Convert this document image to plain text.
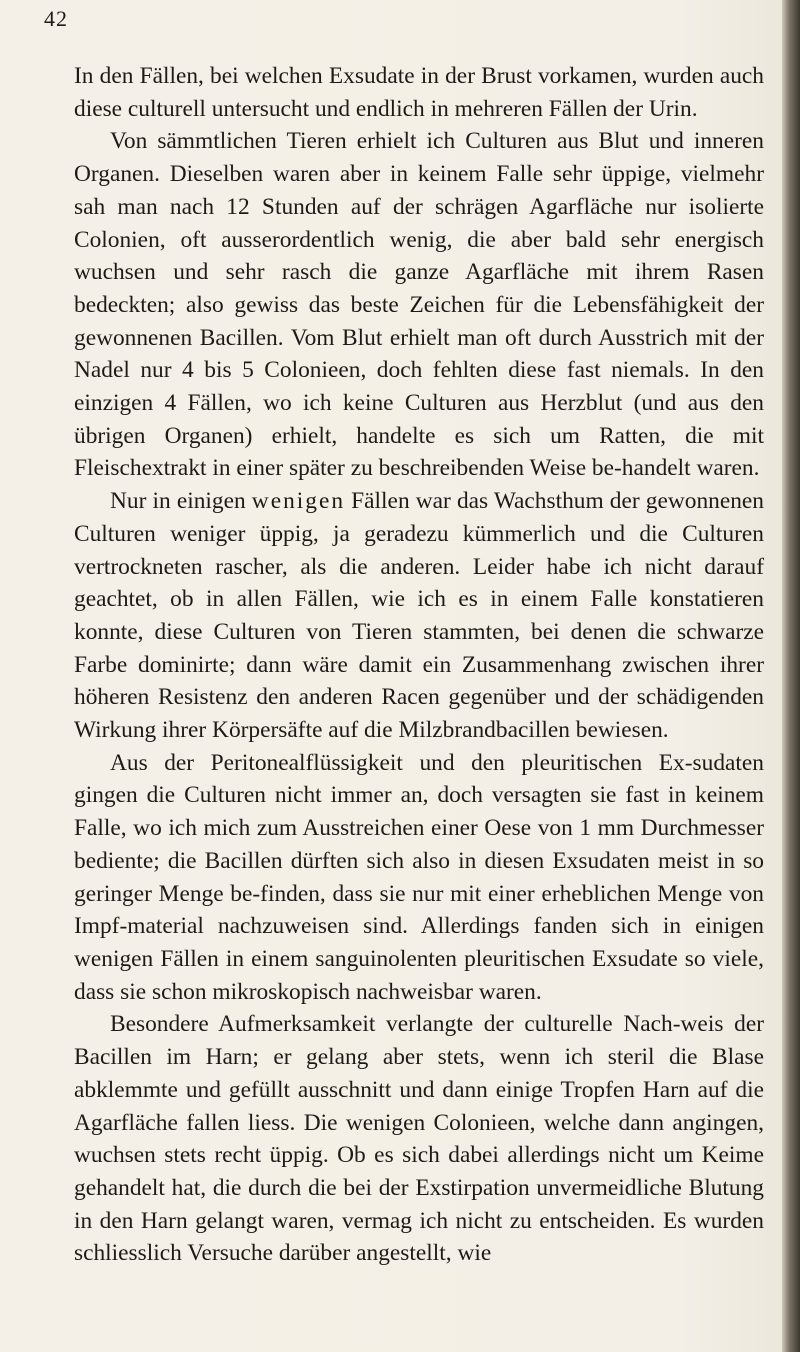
42

In den Fällen, bei welchen Exsudate in der Brust vorkamen, wurden auch diese culturell untersucht und endlich in mehreren Fällen der Urin.

Von sämmtlichen Tieren erhielt ich Culturen aus Blut und inneren Organen. Dieselben waren aber in keinem Falle sehr üppige, vielmehr sah man nach 12 Stunden auf der schrägen Agarfläche nur isolierte Colonien, oft ausserordentlich wenig, die aber bald sehr energisch wuchsen und sehr rasch die ganze Agarfläche mit ihrem Rasen bedeckten; also gewiss das beste Zeichen für die Lebensfähigkeit der gewonnenen Bacillen. Vom Blut erhielt man oft durch Ausstrich mit der Nadel nur 4 bis 5 Colonieen, doch fehlten diese fast niemals. In den einzigen 4 Fällen, wo ich keine Culturen aus Herzblut (und aus den übrigen Organen) erhielt, handelte es sich um Ratten, die mit Fleischextrakt in einer später zu beschreibenden Weise be-handelt waren.

Nur in einigen wenigen Fällen war das Wachsthum der gewonnenen Culturen weniger üppig, ja geradezu kümmerlich und die Culturen vertrockneten rascher, als die anderen. Leider habe ich nicht darauf geachtet, ob in allen Fällen, wie ich es in einem Falle konstatieren konnte, diese Culturen von Tieren stammten, bei denen die schwarze Farbe dominirte; dann wäre damit ein Zusammenhang zwischen ihrer höheren Resistenz den anderen Racen gegenüber und der schädigenden Wirkung ihrer Körpersäfte auf die Milzbrandbacillen bewiesen.

Aus der Peritonealflüssigkeit und den pleuritischen Ex-sudaten gingen die Culturen nicht immer an, doch versagten sie fast in keinem Falle, wo ich mich zum Ausstreichen einer Oese von 1 mm Durchmesser bediente; die Bacillen dürften sich also in diesen Exsudaten meist in so geringer Menge be-finden, dass sie nur mit einer erheblichen Menge von Impf-material nachzuweisen sind. Allerdings fanden sich in einigen wenigen Fällen in einem sanguinolenten pleuritischen Exsudate so viele, dass sie schon mikroskopisch nachweisbar waren.

Besondere Aufmerksamkeit verlangte der culturelle Nach-weis der Bacillen im Harn; er gelang aber stets, wenn ich steril die Blase abklemmte und gefüllt ausschnitt und dann einige Tropfen Harn auf die Agarfläche fallen liess. Die wenigen Colonieen, welche dann angingen, wuchsen stets recht üppig. Ob es sich dabei allerdings nicht um Keime gehandelt hat, die durch die bei der Exstirpation unvermeidliche Blutung in den Harn gelangt waren, vermag ich nicht zu entscheiden. Es wurden schliesslich Versuche darüber angestellt, wie
